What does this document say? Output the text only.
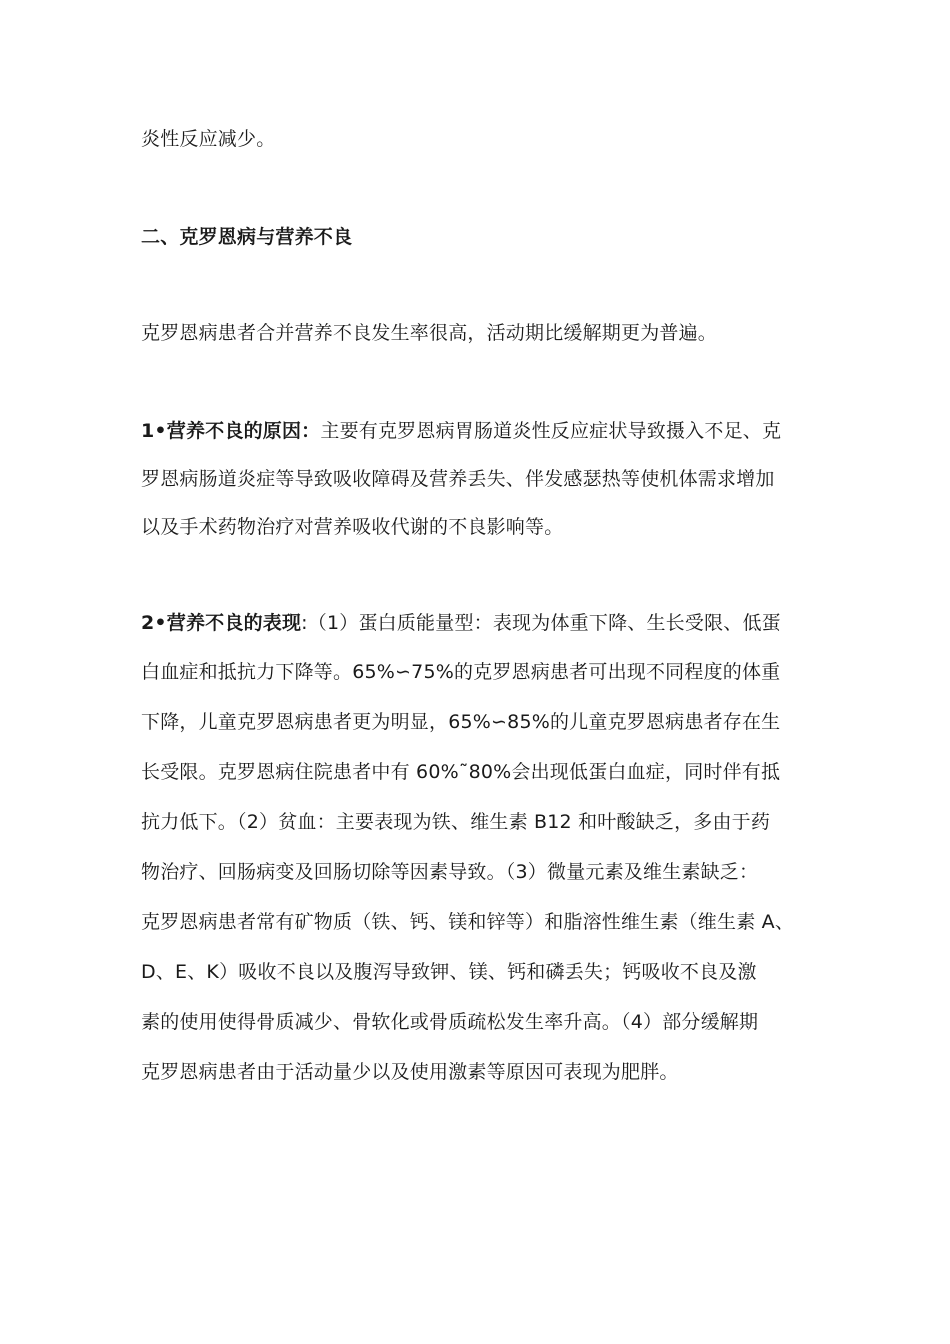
炎性反应减少。
二、克罗恩病与营养不良
克罗恩病患者合并营养不良发生率很高，活动期比缓解期更为普遍。
1•营养不良的原因：主要有克罗恩病胃肠道炎性反应症状导致摄入不足、克
罗恩病肠道炎症等导致吸收障碍及营养丢失、伴发感瑟热等使机体需求增加
以及手术药物治疗对营养吸收代谢的不良影响等。
2•营养不良的表现:（1）蛋白质能量型：表现为体重下降、生长受限、低蛋
白血症和抵抗力下降等。65%∽75%的克罗恩病患者可出现不同程度的体重
下降，儿童克罗恩病患者更为明显，65%∽85%的儿童克罗恩病患者存在生
长受限。克罗恩病住院患者中有 60%˜80%会出现低蛋白血症，同时伴有抵
抗力低下。（2）贫血：主要表现为铁、维生素 B12 和叶酸缺乏，多由于药
物治疗、回肠病变及回肠切除等因素导致。（3）微量元素及维生素缺乏：
克罗恩病患者常有矿物质（铁、钙、镁和锌等）和脂溶性维生素（维生素 A、
D、E、K）吸收不良以及腹泻导致钾、镁、钙和磷丢失；钙吸收不良及激
素的使用使得骨质减少、骨软化或骨质疏松发生率升高。（4）部分缓解期
克罗恩病患者由于活动量少以及使用激素等原因可表现为肥胖。
